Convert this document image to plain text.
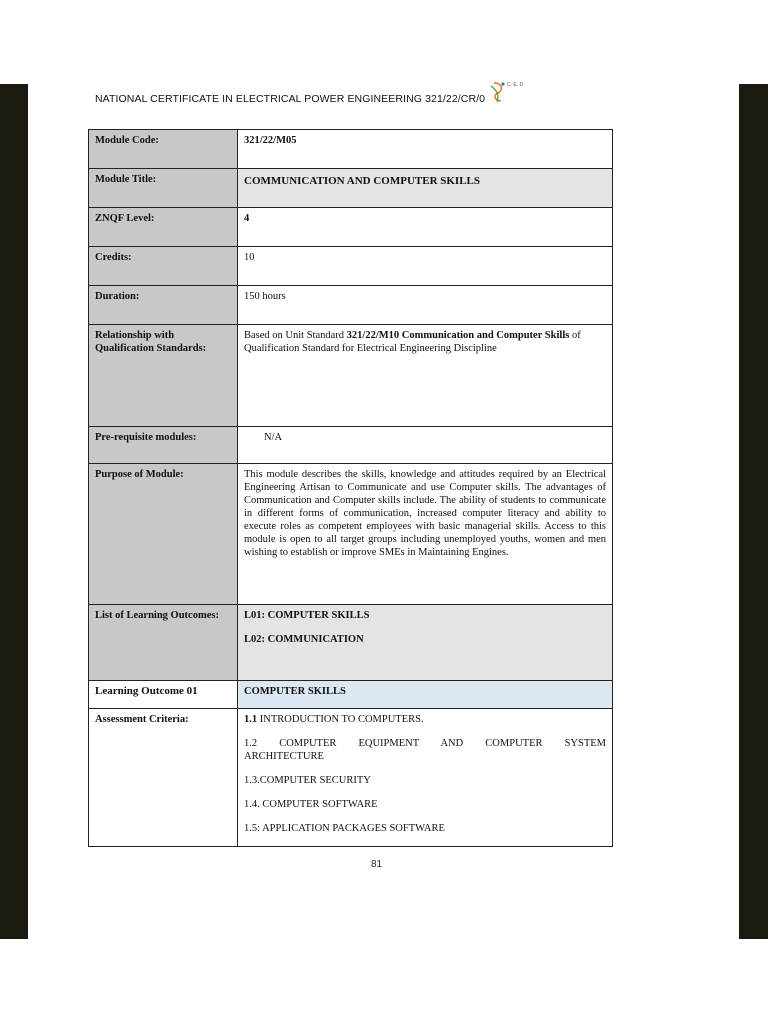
NATIONAL CERTIFICATE IN ELECTRICAL POWER ENGINEERING 321/22/CR/0
C. E. D
Module Code:	321/22/M05
Module Title:	COMMUNICATION AND COMPUTER SKILLS
ZNQF Level:	4
Credits:	10
Duration:	150 hours
Relationship with Qualification Standards:	Based on Unit Standard 321/22/M10 Communication and Computer Skills of Qualification Standard for Electrical Engineering Discipline
Pre-requisite modules:	N/A
Purpose of Module:	This module describes the skills, knowledge and attitudes required by an Electrical Engineering Artisan to Communicate and use Computer skills. The advantages of Communication and Computer skills include. The ability of students to communicate in different forms of communication, increased computer literacy and ability to execute roles as competent employees with basic managerial skills. Access to this module is open to all target groups including unemployed youths, women and men wishing to establish or improve SMEs in Maintaining Engines.
List of Learning Outcomes:	L01: COMPUTER SKILLS
L02: COMMUNICATION

Learning Outcome 01	COMPUTER SKILLS
Assessment Criteria:	1.1 INTRODUCTION TO COMPUTERS.
1.2 COMPUTER EQUIPMENT AND COMPUTER SYSTEM ARCHITECTURE
1.3.COMPUTER SECURITY
1.4. COMPUTER SOFTWARE
1.5: APPLICATION PACKAGES SOFTWARE
81
